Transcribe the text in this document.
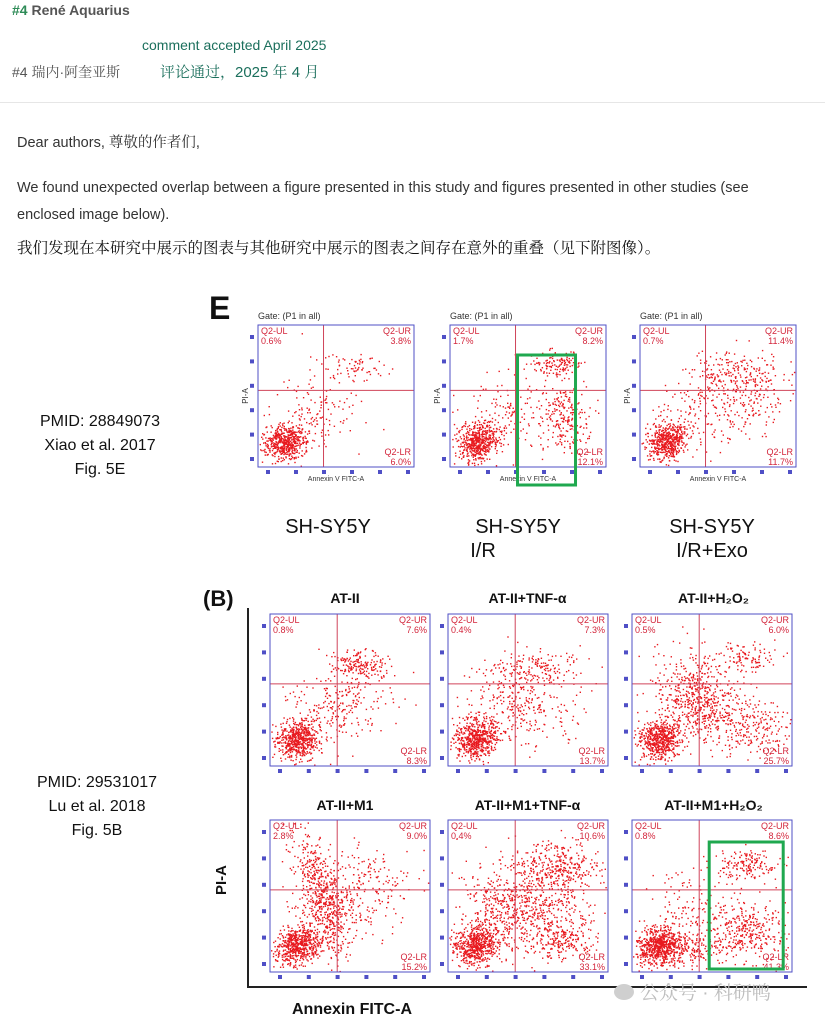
#4 René Aquarius
comment accepted April 2025
#4 瑞内·阿奎亚斯	评论通过，2025 年 4 月
Dear authors, 尊敬的作者们,
We found unexpected overlap between a figure presented in this study and figures presented in other studies (see enclosed image below).
我们发现在本研究中展示的图表与其他研究中展示的图表之间存在意外的重叠（见下附图像）。
E
PMID: 28849073
Xiao et al. 2017
Fig. 5E
Q2-UL
0.6%
Q2-UR
3.8%
Q2-LR
6.0%
Annexin V FITC-A
PI-A
Gate: (P1 in all)
SH-SY5Y
Q2-UL
1.7%
Q2-UR
8.2%
Q2-LR
12.1%
Annexin V FITC-A
PI-A
Gate: (P1 in all)
SH-SY5Y
I/R
Q2-UL
0.7%
Q2-UR
11.4%
Q2-LR
11.7%
Annexin V FITC-A
PI-A
Gate: (P1 in all)
SH-SY5Y
I/R+Exo
(B)
PMID: 29531017
Lu et al. 2018
Fig. 5B
PI-A
Annexin FITC-A
AT-II	AT-II+TNF-α	AT-II+H₂O₂
AT-II+M1	AT-II+M1+TNF-α	AT-II+M1+H₂O₂
Q2-UL
0.8%
Q2-UR
7.6%
Q2-LR
8.3%
Q2-UL
0.4%
Q2-UR
7.3%
Q2-LR
13.7%
Q2-UL
0.5%
Q2-UR
6.0%
Q2-LR
25.7%
Q2-UL
2.8%
Q2-UR
9.0%
Q2-LR
15.2%
Q2-UL
0.4%
Q2-UR
10.6%
Q2-LR
33.1%
Q2-UL
0.8%
Q2-UR
8.6%
Q2-LR
41.3%
公众号 · 科研鸭
